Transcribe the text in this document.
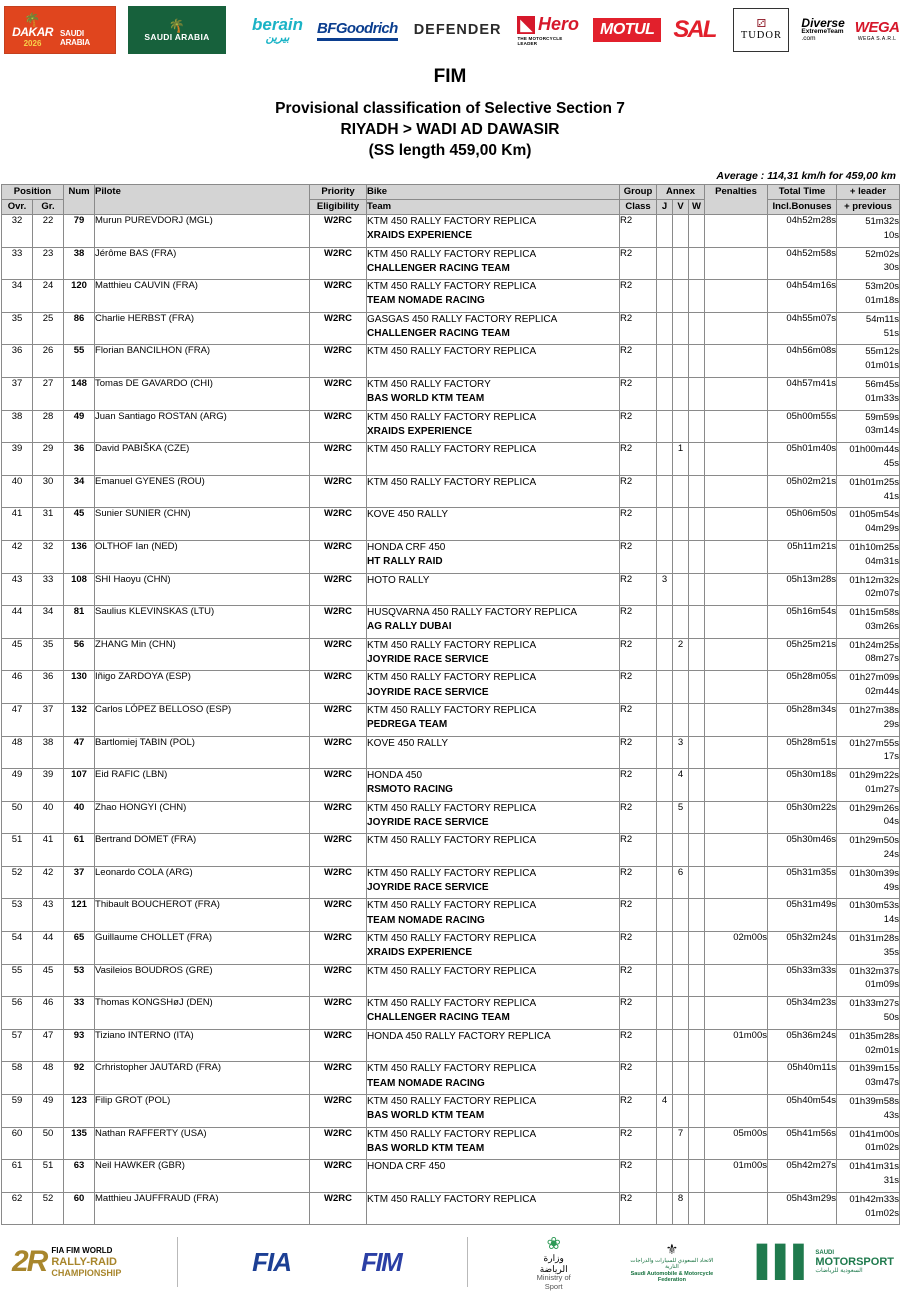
🌴
DAKAR
2026
SAUDI ARABIA
🌴
SAUDI ARABIA
berain
بيرين
BFGoodrich DEFENDER ◣ Hero
THE MOTORCYCLE LEADER
MOTUL SAL	⚂
TUDOR
Diverse
ExtremeTeam
.com
WEGA
WEGA S.A.R.L
FIM
Provisional classification of Selective Section 7
RIYADH > WADI AD DAWASIR
(SS length 459,00 Km)
Average : 114,31 km/h for 459,00 km
Position		Num	Pilote	Priority	Bike	Group	Annex			Penalties	Total Time	+ leader
Ovr.	Gr.			Eligibility	Team	Class	J	V	W		Incl.Bonuses	+ previous
32	22	79	Murun PUREVDORJ (MGL)	W2RC	KTM 450 RALLY FACTORY REPLICA
XRAIDS EXPERIENCE	R2					04h52m28s	51m32s
10s

33	23	38	Jérôme BAS (FRA)	W2RC	KTM 450 RALLY FACTORY REPLICA
CHALLENGER RACING TEAM	R2					04h52m58s	52m02s
30s

34	24	120	Matthieu CAUVIN (FRA)	W2RC	KTM 450 RALLY FACTORY REPLICA
TEAM NOMADE RACING	R2					04h54m16s	53m20s
01m18s

35	25	86	Charlie HERBST (FRA)	W2RC	GASGAS 450 RALLY FACTORY REPLICA
CHALLENGER RACING TEAM	R2					04h55m07s	54m11s
51s

36	26	55	Florian BANCILHON (FRA)	W2RC	KTM 450 RALLY FACTORY REPLICA	R2					04h56m08s	55m12s
01m01s

37	27	148	Tomas DE GAVARDO (CHI)	W2RC	KTM 450 RALLY FACTORY
BAS WORLD KTM TEAM	R2					04h57m41s	56m45s
01m33s

38	28	49	Juan Santiago ROSTAN (ARG)	W2RC	KTM 450 RALLY FACTORY REPLICA
XRAIDS EXPERIENCE	R2					05h00m55s	59m59s
03m14s

39	29	36	David PABIŠKA (CZE)	W2RC	KTM 450 RALLY FACTORY REPLICA	R2		1			05h01m40s	01h00m44s
45s

40	30	34	Emanuel GYENES (ROU)	W2RC	KTM 450 RALLY FACTORY REPLICA	R2					05h02m21s	01h01m25s
41s

41	31	45	Sunier SUNIER (CHN)	W2RC	KOVE 450 RALLY	R2					05h06m50s	01h05m54s
04m29s

42	32	136	OLTHOF Ian (NED)	W2RC	HONDA CRF 450
HT RALLY RAID	R2					05h11m21s	01h10m25s
04m31s

43	33	108	SHI Haoyu (CHN)	W2RC	HOTO RALLY	R2	3				05h13m28s	01h12m32s
02m07s

44	34	81	Saulius KLEVINSKAS (LTU)	W2RC	HUSQVARNA 450 RALLY FACTORY REPLICA
AG RALLY DUBAI	R2					05h16m54s	01h15m58s
03m26s

45	35	56	ZHANG Min (CHN)	W2RC	KTM 450 RALLY FACTORY REPLICA
JOYRIDE RACE SERVICE	R2		2			05h25m21s	01h24m25s
08m27s

46	36	130	Iñigo ZARDOYA (ESP)	W2RC	KTM 450 RALLY FACTORY REPLICA
JOYRIDE RACE SERVICE	R2					05h28m05s	01h27m09s
02m44s

47	37	132	Carlos LÓPEZ BELLOSO (ESP)	W2RC	KTM 450 RALLY FACTORY REPLICA
PEDREGA TEAM	R2					05h28m34s	01h27m38s
29s

48	38	47	Bartlomiej TABIN (POL)	W2RC	KOVE 450 RALLY	R2		3			05h28m51s	01h27m55s
17s

49	39	107	Eid RAFIC (LBN)	W2RC	HONDA 450
RSMOTO RACING	R2		4			05h30m18s	01h29m22s
01m27s

50	40	40	Zhao HONGYI (CHN)	W2RC	KTM 450 RALLY FACTORY REPLICA
JOYRIDE RACE SERVICE	R2		5			05h30m22s	01h29m26s
04s

51	41	61	Bertrand DOMET (FRA)	W2RC	KTM 450 RALLY FACTORY REPLICA	R2					05h30m46s	01h29m50s
24s

52	42	37	Leonardo COLA (ARG)	W2RC	KTM 450 RALLY FACTORY REPLICA
JOYRIDE RACE SERVICE	R2		6			05h31m35s	01h30m39s
49s

53	43	121	Thibault BOUCHEROT (FRA)	W2RC	KTM 450 RALLY FACTORY REPLICA
TEAM NOMADE RACING	R2					05h31m49s	01h30m53s
14s

54	44	65	Guillaume CHOLLET (FRA)	W2RC	KTM 450 RALLY FACTORY REPLICA
XRAIDS EXPERIENCE	R2				02m00s	05h32m24s	01h31m28s
35s

55	45	53	Vasileios BOUDROS (GRE)	W2RC	KTM 450 RALLY FACTORY REPLICA	R2					05h33m33s	01h32m37s
01m09s

56	46	33	Thomas KONGSHøJ (DEN)	W2RC	KTM 450 RALLY FACTORY REPLICA
CHALLENGER RACING TEAM	R2					05h34m23s	01h33m27s
50s

57	47	93	Tiziano INTERNO (ITA)	W2RC	HONDA 450 RALLY FACTORY REPLICA	R2				01m00s	05h36m24s	01h35m28s
02m01s

58	48	92	Crhristopher JAUTARD (FRA)	W2RC	KTM 450 RALLY FACTORY REPLICA
TEAM NOMADE RACING	R2					05h40m11s	01h39m15s
03m47s

59	49	123	Filip GROT (POL)	W2RC	KTM 450 RALLY FACTORY REPLICA
BAS WORLD KTM TEAM	R2	4				05h40m54s	01h39m58s
43s

60	50	135	Nathan RAFFERTY (USA)	W2RC	KTM 450 RALLY FACTORY REPLICA
BAS WORLD KTM TEAM	R2		7		05m00s	05h41m56s	01h41m00s
01m02s

61	51	63	Neil HAWKER (GBR)	W2RC	HONDA CRF 450	R2				01m00s	05h42m27s	01h41m31s
31s

62	52	60	Matthieu JAUFFRAUD (FRA)	W2RC	KTM 450 RALLY FACTORY REPLICA	R2		8			05h43m29s	01h42m33s
01m02s
2R FIA FIM WORLD
RALLY-RAID
CHAMPIONSHIP	FIA	FIM
❀
وزارة الرياضة
Ministry of Sport
⚜
الاتحاد السعودي للسيارات والدراجات النارية
Saudi Automobile & Motorcycle Federation
▌▌▌ SAUDI
MOTORSPORT
السعودية للرياضات
